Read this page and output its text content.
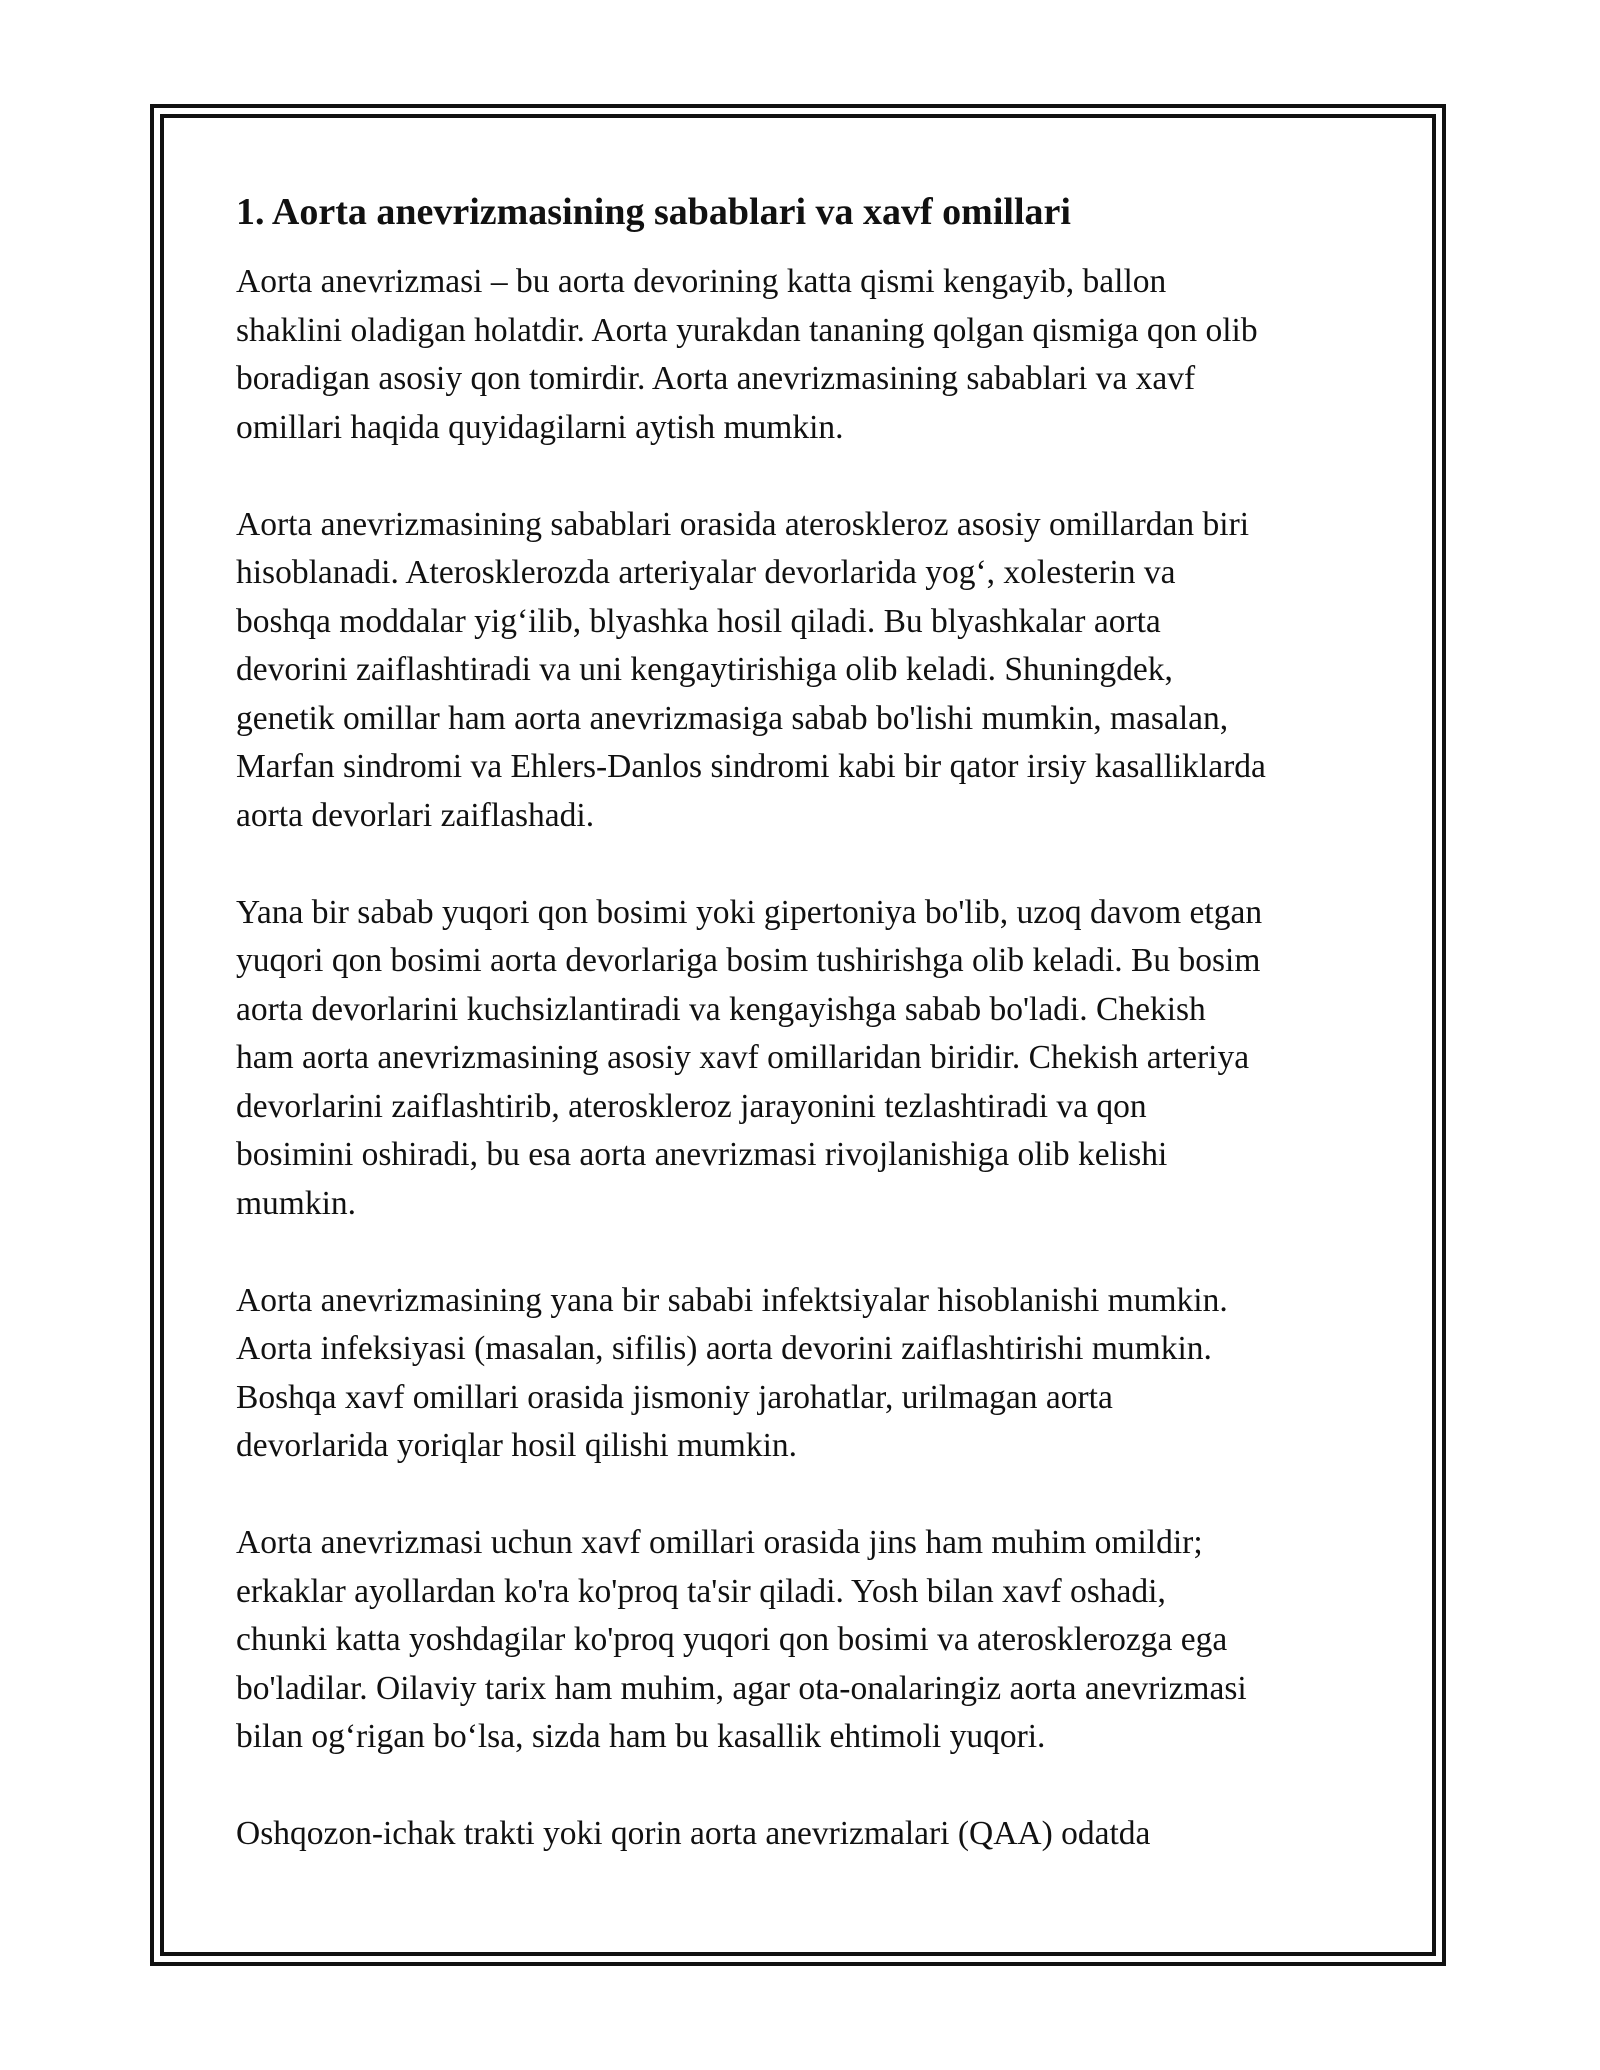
1. Aorta anevrizmasining sabablari va xavf omillari

Aorta anevrizmasi – bu aorta devorining katta qismi kengayib, ballon
shaklini oladigan holatdir. Aorta yurakdan tananing qolgan qismiga qon olib
boradigan asosiy qon tomirdir. Aorta anevrizmasining sabablari va xavf
omillari haqida quyidagilarni aytish mumkin.

Aorta anevrizmasining sabablari orasida ateroskleroz asosiy omillardan biri
hisoblanadi. Aterosklerozda arteriyalar devorlarida yog‘, xolesterin va
boshqa moddalar yig‘ilib, blyashka hosil qiladi. Bu blyashkalar aorta
devorini zaiflashtiradi va uni kengaytirishiga olib keladi. Shuningdek,
genetik omillar ham aorta anevrizmasiga sabab bo'lishi mumkin, masalan,
Marfan sindromi va Ehlers-Danlos sindromi kabi bir qator irsiy kasalliklarda
aorta devorlari zaiflashadi.

Yana bir sabab yuqori qon bosimi yoki gipertoniya bo'lib, uzoq davom etgan
yuqori qon bosimi aorta devorlariga bosim tushirishga olib keladi. Bu bosim
aorta devorlarini kuchsizlantiradi va kengayishga sabab bo'ladi. Chekish
ham aorta anevrizmasining asosiy xavf omillaridan biridir. Chekish arteriya
devorlarini zaiflashtirib, ateroskleroz jarayonini tezlashtiradi va qon
bosimini oshiradi, bu esa aorta anevrizmasi rivojlanishiga olib kelishi
mumkin.

Aorta anevrizmasining yana bir sababi infektsiyalar hisoblanishi mumkin.
Aorta infeksiyasi (masalan, sifilis) aorta devorini zaiflashtirishi mumkin.
Boshqa xavf omillari orasida jismoniy jarohatlar, urilmagan aorta
devorlarida yoriqlar hosil qilishi mumkin.

Aorta anevrizmasi uchun xavf omillari orasida jins ham muhim omildir;
erkaklar ayollardan ko'ra ko'proq ta'sir qiladi. Yosh bilan xavf oshadi,
chunki katta yoshdagilar ko'proq yuqori qon bosimi va aterosklerozga ega
bo'ladilar. Oilaviy tarix ham muhim, agar ota-onalaringiz aorta anevrizmasi
bilan og‘rigan bo‘lsa, sizda ham bu kasallik ehtimoli yuqori.

Oshqozon-ichak trakti yoki qorin aorta anevrizmalari (QAA) odatda
